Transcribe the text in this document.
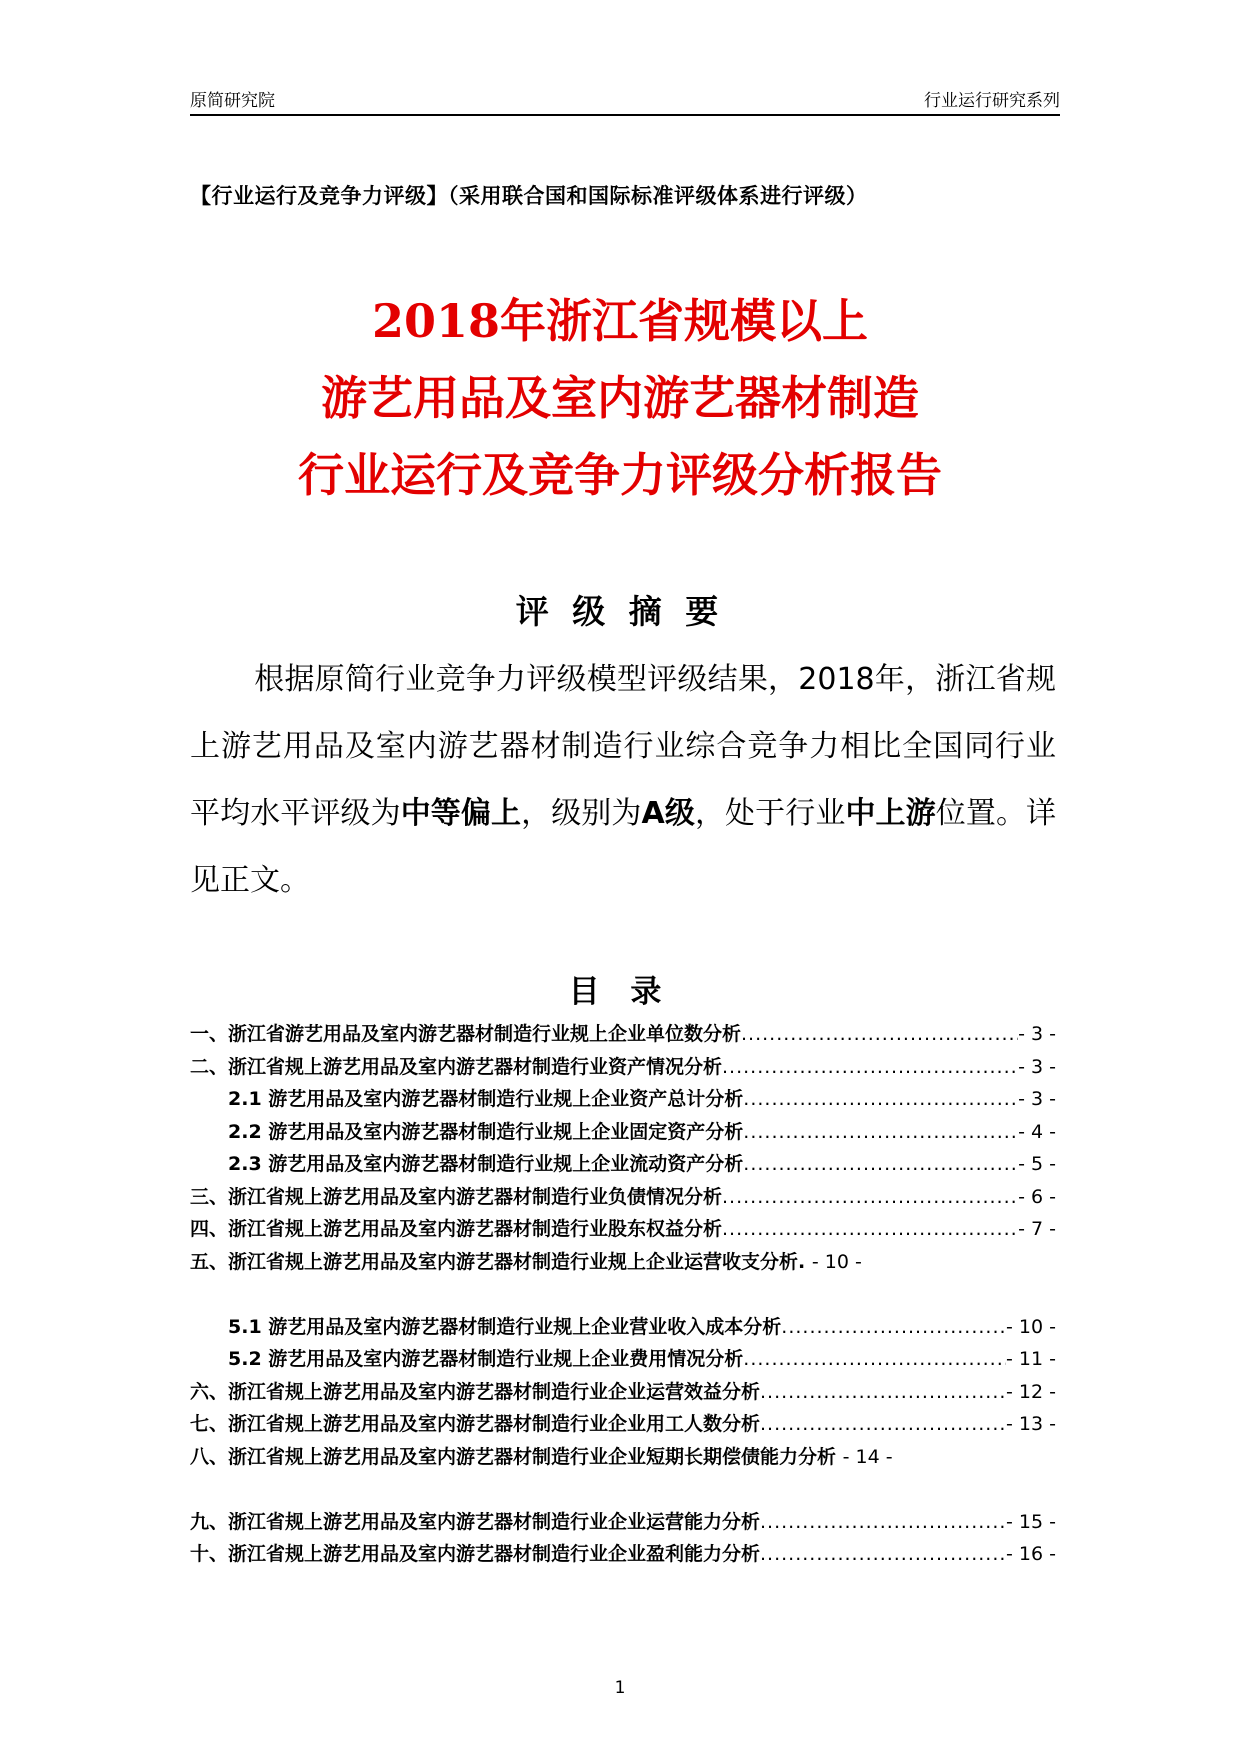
原简研究院	行业运行研究系列
【行业运行及竞争力评级】（采用联合国和国际标准评级体系进行评级）
2018年浙江省规模以上
游艺用品及室内游艺器材制造
行业运行及竞争力评级分析报告
评 级 摘 要
根据原简行业竞争力评级模型评级结果，2018年，浙江省规上游艺用品及室内游艺器材制造行业综合竞争力相比全国同行业平均水平评级为中等偏上，级别为A级，处于行业中上游位置。详见正文。
目 录
一、浙江省游艺用品及室内游艺器材制造行业规上企业单位数分析 .....	- 3 -
二、浙江省规上游艺用品及室内游艺器材制造行业资产情况分析 .....	- 3 -
2.1 游艺用品及室内游艺器材制造行业规上企业资产总计分析 .....	- 3 -
2.2 游艺用品及室内游艺器材制造行业规上企业固定资产分析 .....	- 4 -
2.3 游艺用品及室内游艺器材制造行业规上企业流动资产分析 .....	- 5 -
三、浙江省规上游艺用品及室内游艺器材制造行业负债情况分析 .....	- 6 -
四、浙江省规上游艺用品及室内游艺器材制造行业股东权益分析 .....	- 7 -
五、浙江省规上游艺用品及室内游艺器材制造行业规上企业运营收支分析. - 10 -
5.1 游艺用品及室内游艺器材制造行业规上企业营业收入成本分析 .....	- 10 -
5.2 游艺用品及室内游艺器材制造行业规上企业费用情况分析 .....	- 11 -
六、浙江省规上游艺用品及室内游艺器材制造行业企业运营效益分析 .....	- 12 -
七、浙江省规上游艺用品及室内游艺器材制造行业企业用工人数分析 .....	- 13 -
八、浙江省规上游艺用品及室内游艺器材制造行业企业短期长期偿债能力分析 - 14 -
九、浙江省规上游艺用品及室内游艺器材制造行业企业运营能力分析 .....	- 15 -
十、浙江省规上游艺用品及室内游艺器材制造行业企业盈利能力分析 .....	- 16 -
1
